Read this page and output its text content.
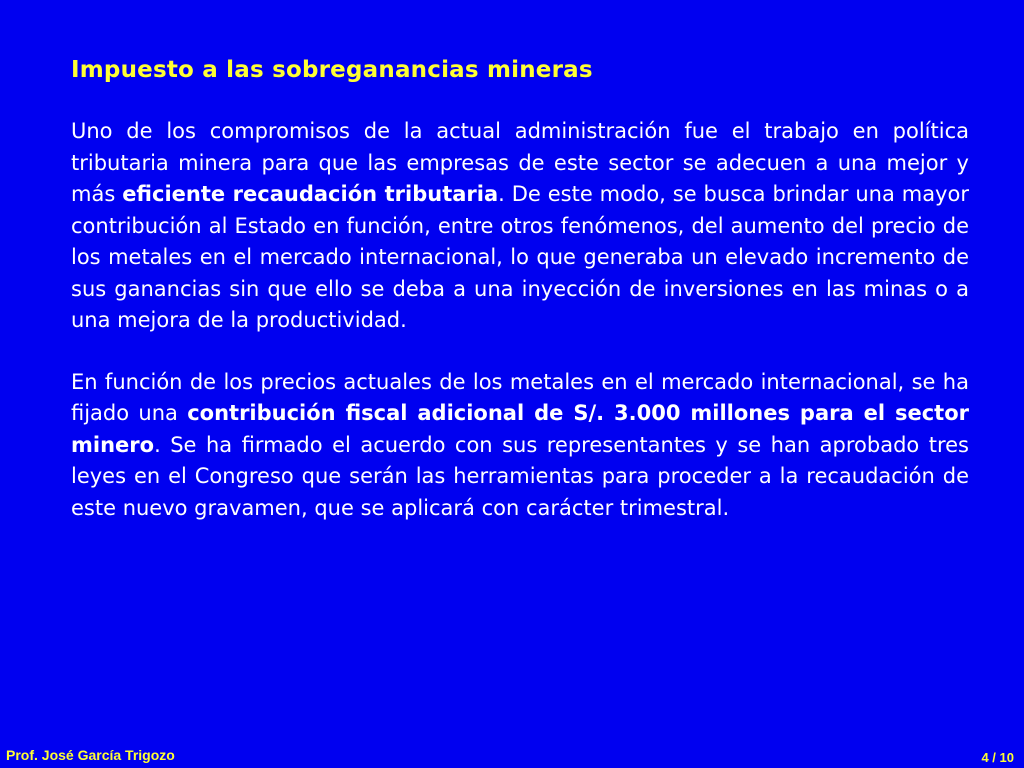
Impuesto a las sobreganancias mineras

Uno de los compromisos de la actual administración fue el trabajo en política tributaria minera para que las empresas de este sector se adecuen a una mejor y más eficiente recaudación tributaria. De este modo, se busca brindar una mayor contribución al Estado en función, entre otros fenómenos, del aumento del precio de los metales en el mercado internacional, lo que generaba un elevado incremento de sus ganancias sin que ello se deba a una inyección de inversiones en las minas o a una mejora de la productividad.

En función de los precios actuales de los metales en el mercado internacional, se ha fijado una contribución fiscal adicional de S/. 3.000 millones para el sector minero. Se ha firmado el acuerdo con sus representantes y se han aprobado tres leyes en el Congreso que serán las herramientas para proceder a la recaudación de este nuevo gravamen, que se aplicará con carácter trimestral.

Prof. José García Trigozo	4 / 10
